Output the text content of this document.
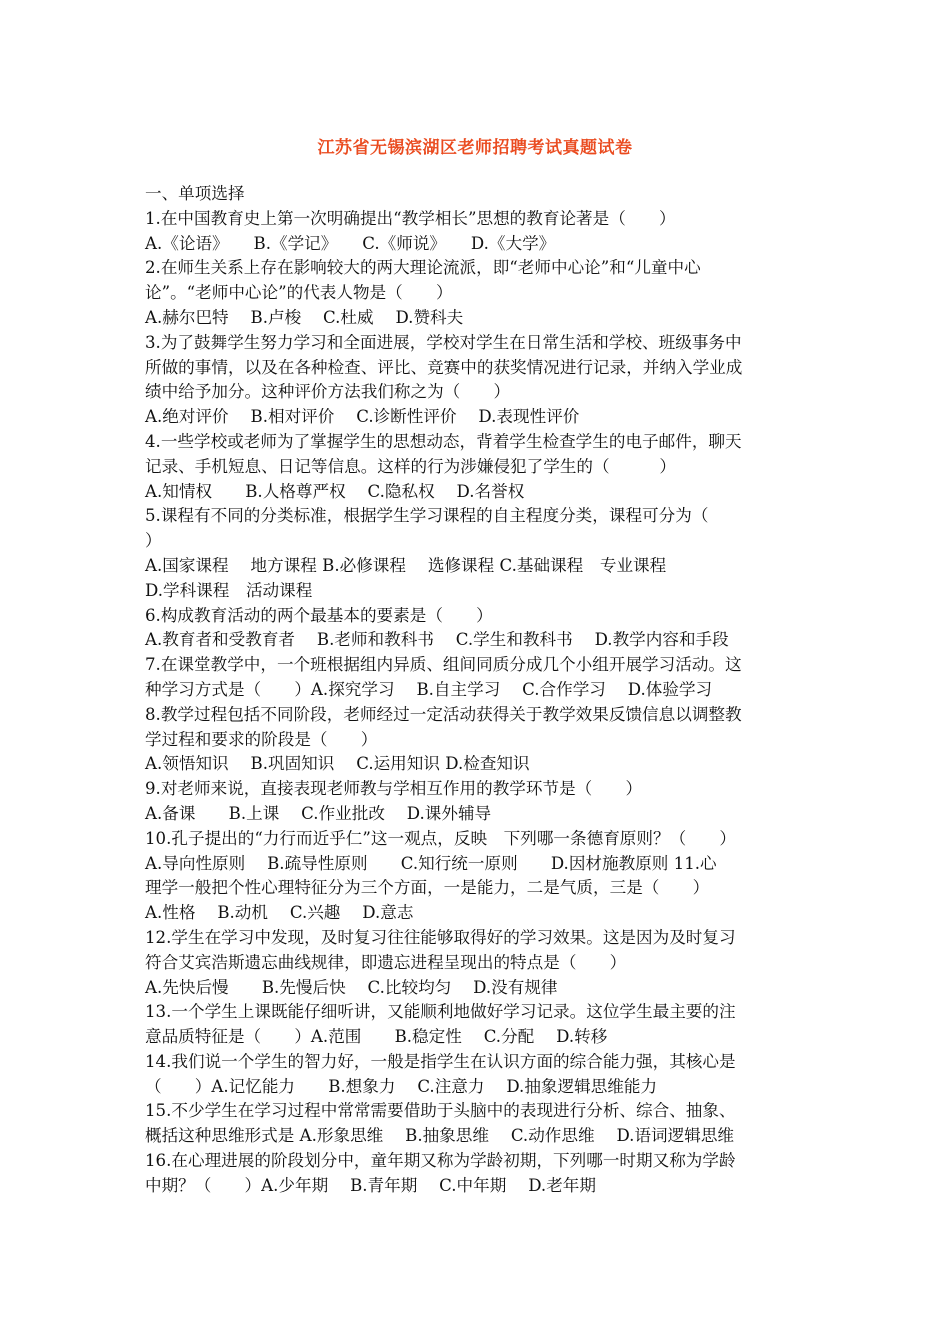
江苏省无锡滨湖区老师招聘考试真题试卷
一、单项选择
1.在中国教育史上第一次明确提出“教学相长”思想的教育论著是（　　）
A.《论语》　　B.《学记》　　C.《师说》　　D.《大学》
2.在师生关系上存在影响较大的两大理论流派，即“老师中心论”和“儿童中心
论”。“老师中心论”的代表人物是（　　）
A.赫尔巴特　 B.卢梭　 C.杜威　 D.赞科夫
3.为了鼓舞学生努力学习和全面进展，学校对学生在日常生活和学校、班级事务中
所做的事情，以及在各种检查、评比、竞赛中的获奖情况进行记录，并纳入学业成
绩中给予加分。这种评价方法我们称之为（　　）
A.绝对评价　 B.相对评价　 C.诊断性评价　 D.表现性评价
4.一些学校或老师为了掌握学生的思想动态，背着学生检查学生的电子邮件，聊天
记录、手机短息、日记等信息。这样的行为涉嫌侵犯了学生的（　　　）
A.知情权　　B.人格尊严权　 C.隐私权　 D.名誉权
5.课程有不同的分类标准，根据学生学习课程的自主程度分类，课程可分为（
）
A.国家课程　 地方课程 B.必修课程　 选修课程 C.基础课程　专业课程
D.学科课程　活动课程
6.构成教育活动的两个最基本的要素是（　　）
A.教育者和受教育者　 B.老师和教科书　 C.学生和教科书　 D.教学内容和手段
7.在课堂教学中，一个班根据组内异质、组间同质分成几个小组开展学习活动。这
种学习方式是（　　）A.探究学习　 B.自主学习　 C.合作学习　 D.体验学习
8.教学过程包括不同阶段，老师经过一定活动获得关于教学效果反馈信息以调整教
学过程和要求的阶段是（　　）
A.领悟知识　 B.巩固知识　 C.运用知识 D.检查知识
9.对老师来说，直接表现老师教与学相互作用的教学环节是（　　）
A.备课　　B.上课　 C.作业批改　 D.课外辅导
10.孔子提出的“力行而近乎仁”这一观点，反映　下列哪一条德育原则？（　　）
A.导向性原则　 B.疏导性原则　　C.知行统一原则　　D.因材施教原则 11.心
理学一般把个性心理特征分为三个方面，一是能力，二是气质，三是（　　）
A.性格　 B.动机　 C.兴趣　 D.意志
12.学生在学习中发现，及时复习往往能够取得好的学习效果。这是因为及时复习
符合艾宾浩斯遗忘曲线规律，即遗忘进程呈现出的特点是（　　）
A.先快后慢　　B.先慢后快　 C.比较均匀　 D.没有规律
13.一个学生上课既能仔细听讲，又能顺利地做好学习记录。这位学生最主要的注
意品质特征是（　　）A.范围　　B.稳定性　 C.分配　 D.转移
14.我们说一个学生的智力好，一般是指学生在认识方面的综合能力强，其核心是
（　　）A.记忆能力　　B.想象力　 C.注意力　 D.抽象逻辑思维能力
15.不少学生在学习过程中常常需要借助于头脑中的表现进行分析、综合、抽象、
概括这种思维形式是 A.形象思维　 B.抽象思维　 C.动作思维　 D.语词逻辑思维
16.在心理进展的阶段划分中，童年期又称为学龄初期，下列哪一时期又称为学龄
中期？（　　）A.少年期　 B.青年期　 C.中年期　 D.老年期
